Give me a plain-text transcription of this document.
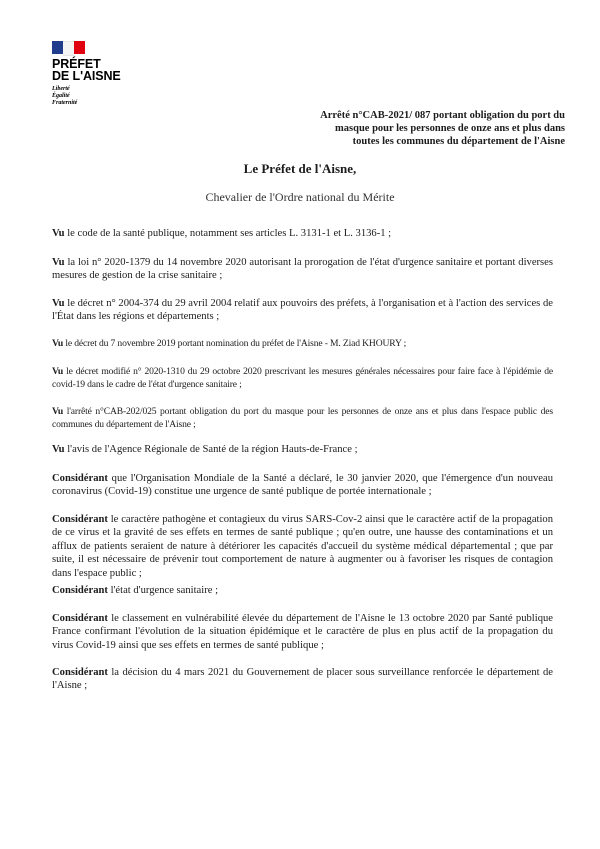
PRÉFET
DE L'AISNE
Liberté
Égalité
Fraternité
Arrêté n°CAB-2021/ 087 portant obligation du port du
masque pour les personnes de onze ans et plus dans
toutes les communes du département de l'Aisne
Le Préfet de l'Aisne,
Chevalier de l'Ordre national du Mérite

Vu le code de la santé publique, notamment ses articles L. 3131-1 et L. 3136-1 ;

Vu la loi n° 2020-1379 du 14 novembre 2020 autorisant la prorogation de l'état d'urgence sanitaire et portant diverses mesures de gestion de la crise sanitaire ;

Vu le décret n° 2004-374 du 29 avril 2004 relatif aux pouvoirs des préfets, à l'organisation et à l'action des services de l'État dans les régions et départements ;

Vu le décret du 7 novembre 2019 portant nomination du préfet de l'Aisne - M. Ziad KHOURY ;

Vu le décret modifié n° 2020-1310 du 29 octobre 2020 prescrivant les mesures générales nécessaires pour faire face à l'épidémie de covid-19 dans le cadre de l'état d'urgence sanitaire ;

Vu l'arrêté n°CAB-202/025 portant obligation du port du masque pour les personnes de onze ans et plus dans l'espace public des communes du département de l'Aisne ;

Vu l'avis de l'Agence Régionale de Santé de la région Hauts-de-France ;

Considérant que l'Organisation Mondiale de la Santé a déclaré, le 30 janvier 2020, que l'émergence d'un nouveau coronavirus (Covid-19) constitue une urgence de santé publique de portée internationale ;

Considérant le caractère pathogène et contagieux du virus SARS-Cov-2 ainsi que le caractère actif de la propagation de ce virus et la gravité de ses effets en termes de santé publique ; qu'en outre, une hausse des contaminations et un afflux de patients seraient de nature à détériorer les capacités d'accueil du système médical départemental ; que par suite, il est nécessaire de prévenir tout comportement de nature à augmenter ou à favoriser les risques de contagion dans l'espace public ;

Considérant l'état d'urgence sanitaire ;

Considérant le classement en vulnérabilité élevée du département de l'Aisne le 13 octobre 2020 par Santé publique France confirmant l'évolution de la situation épidémique et le caractère de plus en plus actif de la propagation du virus Covid-19 ainsi que ses effets en termes de santé publique ;

Considérant la décision du 4 mars 2021 du Gouvernement de placer sous surveillance renforcée le département de l'Aisne ;
